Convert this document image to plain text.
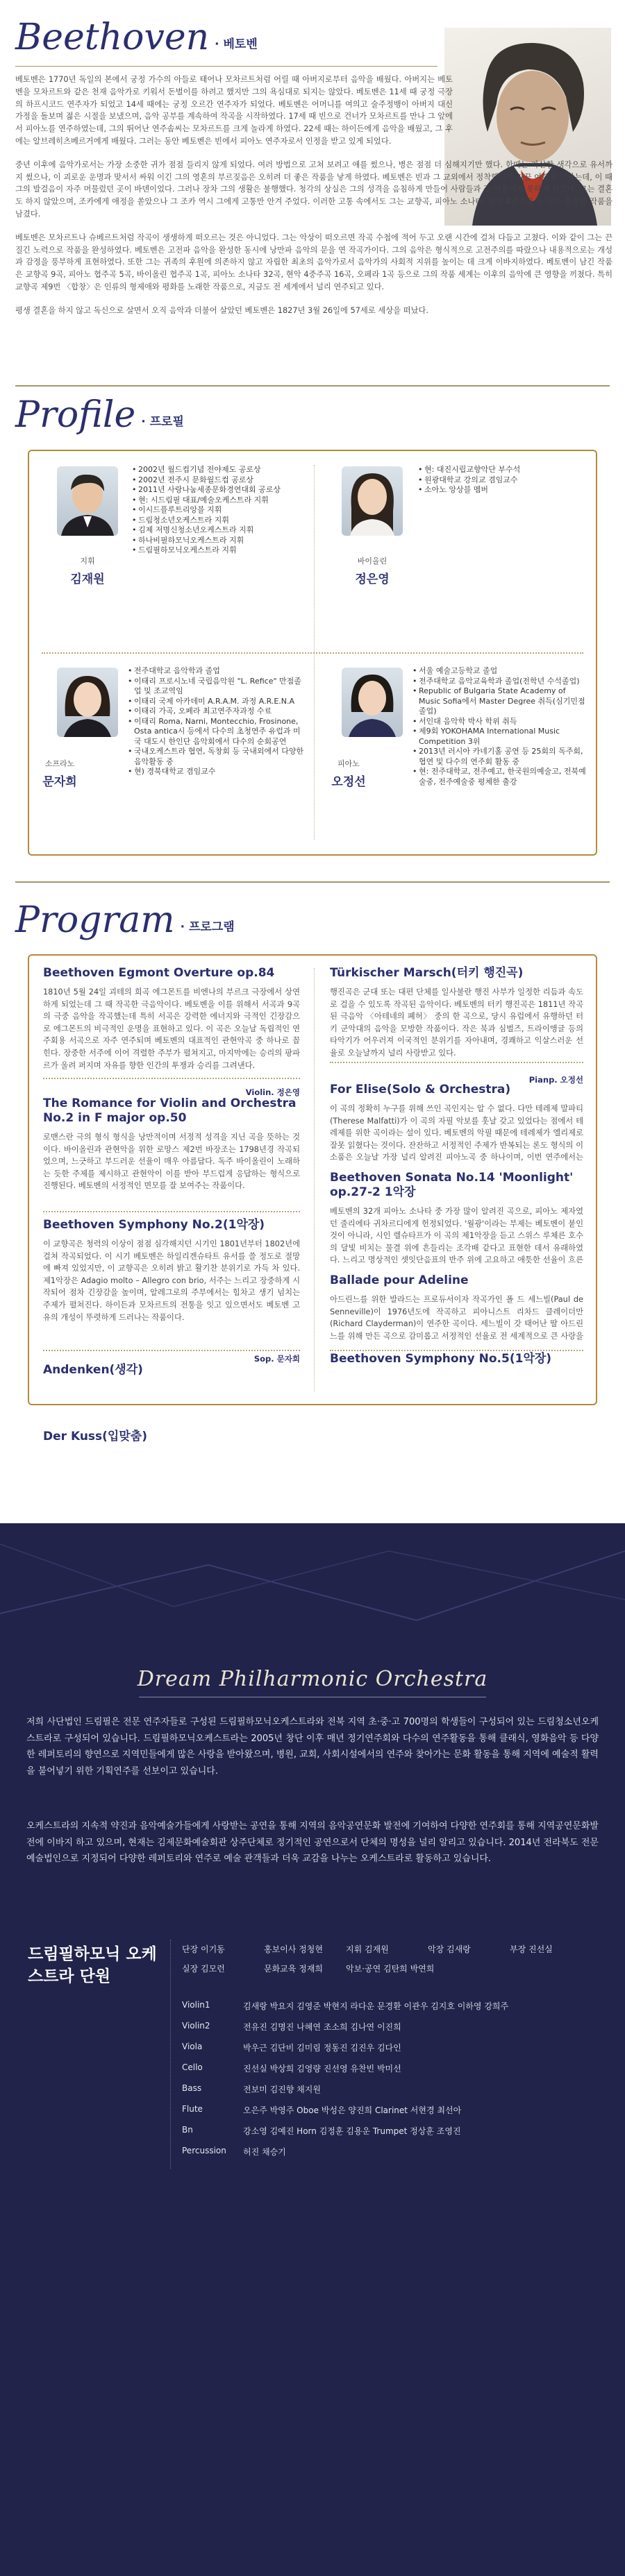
Beethoven · 베토벤

베토벤은 1770년 독일의 본에서 궁정 가수의 아들로 태어나 모차르트처럼 어릴 때 아버지로부터 음악을 배웠다. 아버지는 베토벤을 모차르트와 같은 천재 음악가로 키워서 돈벌이를 하려고 했지만 그의 욕심대로 되지는 않았다. 베토벤은 11세 때 궁정 극장의 하프시코드 연주자가 되었고 14세 때에는 궁정 오르간 연주자가 되었다. 베토벤은 어머니를 여의고 술주정뱅이 아버지 대신 가정을 돌보며 젊은 시절을 보냈으며, 음악 공부를 계속하여 작곡을 시작하였다. 17세 때 빈으로 건너가 모차르트를 만나 그 앞에서 피아노를 연주하였는데, 그의 뛰어난 연주솜씨는 모차르트를 크게 놀라게 하였다. 22세 때는 하이든에게 음악을 배웠고, 그 후에는 알브레히츠베르거에게 배웠다. 그러는 동안 베토벤은 빈에서 피아노 연주자로서 인정을 받고 있게 되었다.

중년 이후에 음악가로서는 가장 소중한 귀가 점점 들리지 않게 되었다. 여러 방법으로 고쳐 보려고 애를 썼으나, 병은 점점 더 심해지기만 했다. 한때는 자살할 생각으로 유서까지 썼으나, 이 괴로운 운명과 맞서서 싸워 이긴 그의 영혼의 부르짖음은 오히려 더 좋은 작품을 낳게 하였다. 베토벤은 빈과 그 교외에서 정착했다가 가끔 여행을 떠났는데, 이 때 그의 발걸음이 자주 머물렀던 곳이 바덴이었다. 그러나 장차 그의 생활은 불행했다. 청각의 상실은 그의 성격을 음침하게 만들어 사람들과 잘 어울리지 못하게 하였다. 그는 결혼도 하지 않았으며, 조카에게 애정을 쏟았으나 그 조카 역시 그에게 고통만 안겨 주었다. 이러한 고통 속에서도 그는 교향곡, 피아노 소나타, 현악 4중주곡 등 많은 훌륭한 작품을 남겼다.

베토벤은 모차르트나 슈베르트처럼 작곡이 생생하게 떠오르는 것은 아니었다. 그는 악상이 떠오르면 작곡 수첩에 적어 두고 오랜 시간에 걸쳐 다듬고 고쳤다. 이와 같이 그는 끈질긴 노력으로 작품을 완성하였다. 베토벤은 고전파 음악을 완성한 동시에 낭만파 음악의 문을 연 작곡가이다. 그의 음악은 형식적으로 고전주의를 따랐으나 내용적으로는 개성과 감정을 풍부하게 표현하였다. 또한 그는 귀족의 후원에 의존하지 않고 자립한 최초의 음악가로서 음악가의 사회적 지위를 높이는 데 크게 이바지하였다. 베토벤이 남긴 작품은 교향곡 9곡, 피아노 협주곡 5곡, 바이올린 협주곡 1곡, 피아노 소나타 32곡, 현악 4중주곡 16곡, 오페라 1곡 등으로 그의 작품 세계는 이후의 음악에 큰 영향을 끼쳤다. 특히 교향곡 제9번 〈합창〉은 인류의 형제애와 평화를 노래한 작품으로, 지금도 전 세계에서 널리 연주되고 있다.

평생 결혼을 하지 않고 독신으로 살면서 오직 음악과 더불어 살았던 베토벤은 1827년 3월 26일에 57세로 세상을 떠났다.

Profile · 프로필
지휘
김재원
• 2002년 월드컵기념 전야제도 공로상
• 2002년 전주시 문화월드컵 공로상
• 2011년 사랑나눔세종문화경연대회 공로상
• 현: 시드림필 대표/예술오케스트라 지휘
• 이시드플루트리앙블 지휘
• 드림청소년오케스트라 지휘
• 김제 저명신청소년오케스트라 지휘
• 하나비필하모닉오케스트라 지휘
• 드림필하모닉오케스트라 지휘
바이올린
정은영
• 현: 대진시립교향악단 부수석
• 원광대학교 강의교 겸임교수
• 소아노 앙상블 멤버
소프라노
문자희
• 전주대학교 음악학과 졸업
• 이태리 프로시노네 국립음악원 "L. Refice" 만점졸업 및 조교역임
• 이태리 국제 아카데미 A.R.A.M. 과정 A.R.E.N.A
• 이태리 가곡, 오페라 최고연주자과정 수료
• 이태리 Roma, Narni, Montecchio, Frosinone, Osta antica시 등에서 다수의 초청연주 유럽과 미국 대도시 한인단 음악회에서 다수의 순회공연
• 국내오케스트라 협연, 독창회 등 국내외에서 다양한 음악활동 중
• 현) 경북대학교 겸임교수
피아노
오정선
• 서울 예술고등학교 졸업
• 전주대학교 음악교육학과 졸업(전학년 수석졸업)
• Republic of Bulgaria State Academy of Music Sofia에서 Master Degree 취득(심기민점 졸업)
• 서인대 음악학 박사 학위 취득
• 제9회 YOKOHAMA International Music Competition 3위
• 2013년 러시아 카네기홀 공연 등 25회의 독주회, 협연 및 다수의 연주회 활동 중
• 현: 전주대학교, 전주예고, 한국원의예술고, 전북예술중, 전주예술중 평체한 출강
Program · 프로그램
Beethoven Egmont Overture op.84

1810년 5월 24일 괴테의 희곡 에그몬트를 비엔나의 부르크 극장에서 상연하게 되었는데 그 때 작곡한 극음악이다. 베토벤을 이를 위해서 서곡과 9곡의 극중 음악을 작곡했는데 특히 서곡은 강력한 에너지와 극적인 긴장감으로 에그몬트의 비극적인 운명을 표현하고 있다. 이 곡은 오늘날 독립적인 연주회용 서곡으로 자주 연주되며 베토벤의 대표적인 관현악곡 중 하나로 꼽힌다. 장중한 서주에 이어 격렬한 주부가 펼쳐지고, 마지막에는 승리의 팡파르가 울려 퍼지며 자유를 향한 인간의 투쟁과 승리를 그려낸다.

Violin. 정은영
The Romance for Violin and Orchestra No.2 in F major op.50

로맨스란 극의 형식 형식을 낭만적이며 서정적 성격을 지닌 곡을 뜻하는 것이다. 바이올린과 관현악을 위한 로망스 제2번 바장조는 1798년경 작곡되었으며, 느긋하고 부드러운 선율이 매우 아름답다. 독주 바이올린이 노래하는 듯한 주제를 제시하고 관현악이 이를 받아 부드럽게 응답하는 형식으로 진행된다. 베토벤의 서정적인 면모를 잘 보여주는 작품이다.

Beethoven Symphony No.2(1악장)

이 교향곡은 청력의 이상이 점점 심각해지던 시기인 1801년부터 1802년에 걸쳐 작곡되었다. 이 시기 베토벤은 하일리겐슈타트 유서를 쓸 정도로 절망에 빠져 있었지만, 이 교향곡은 오히려 밝고 활기찬 분위기로 가득 차 있다. 제1악장은 Adagio molto – Allegro con brio, 서주는 느리고 장중하게 시작되어 점차 긴장감을 높이며, 알레그로의 주부에서는 힘차고 생기 넘치는 주제가 펼쳐진다. 하이든과 모차르트의 전통을 잇고 있으면서도 베토벤 고유의 개성이 뚜렷하게 드러나는 작품이다.

Sop. 문자희
Andenken(생각)
Türkischer Marsch(터키 행진곡)

행진곡은 군대 또는 대편 단체를 일사불란 행진 사부가 일정한 리듬과 속도로 걸을 수 있도록 작곡된 음악이다. 베토벤의 터키 행진곡은 1811년 작곡된 극음악 〈아테네의 폐허〉 중의 한 곡으로, 당시 유럽에서 유행하던 터키 군악대의 음악을 모방한 작품이다. 작은 북과 심벌즈, 트라이앵글 등의 타악기가 어우러져 이국적인 분위기를 자아내며, 경쾌하고 익살스러운 선율로 오늘날까지 널리 사랑받고 있다.

Pianp. 오정선
For Elise(Solo & Orchestra)

이 곡의 정확히 누구를 위해 쓰인 곡인지는 알 수 없다. 다만 테레제 말파티(Therese Malfatti)가 이 곡의 자필 악보를 훗날 갖고 있었다는 점에서 테레제를 위한 곡이라는 설이 있다. 베토벤의 악필 때문에 테레제가 엘리제로 잘못 읽혔다는 것이다. 잔잔하고 서정적인 주제가 반복되는 론도 형식의 이 소품은 오늘날 가장 널리 알려진 피아노곡 중 하나이며, 이번 연주에서는

Beethoven Sonata No.14 'Moonlight' op.27-2 1악장

베토벤의 32개 피아노 소나타 중 가장 많이 알려진 곡으로, 피아노 제자였던 줄리에타 귀차르디에게 헌정되었다. '월광'이라는 부제는 베토벤이 붙인 것이 아니라, 시인 렐슈타프가 이 곡의 제1악장을 듣고 스위스 루체른 호수의 달빛 비치는 물결 위에 흔들리는 조각배 같다고 표현한 데서 유래하였다. 느리고 명상적인 셋잇단음표의 반주 위에 고요하고 애틋한 선율이 흐른

Ballade pour Adeline

아드린느를 위한 발라드는 프로듀서이자 작곡가인 폴 드 세느빌(Paul de Senneville)이 1976년도에 작곡하고 피아니스트 리차드 클레이더만(Richard Clayderman)이 연주한 곡이다. 세느빌이 갓 태어난 딸 아드린느를 위해 만든 곡으로 감미롭고 서정적인 선율로 전 세계적으로 큰 사랑을

Beethoven Symphony No.5(1악장)
Der Kuss(입맞춤)
Dream Philharmonic Orchestra

저희 사단법인 드림필은 전문 연주자들로 구성된 드림필하모닉오케스트라와 전북 지역 초·중·고 700명의 학생들이 구성되어 있는 드림청소년오케스트라로 구성되어 있습니다. 드림필하모닉오케스트라는 2005년 창단 이후 매년 정기연주회와 다수의 연주활동을 통해 클래식, 영화음악 등 다양한 레퍼토리의 향연으로 지역민들에게 많은 사랑을 받아왔으며, 병원, 교회, 사회시설에서의 연주와 찾아가는 문화 활동을 통해 지역에 예술적 활력을 불어넣기 위한 기획연주를 선보이고 있습니다.

오케스트라의 지속적 약진과 음악예술가들에게 사랑받는 공연을 통해 지역의 음악공연문화 발전에 기여하여 다양한 연주회를 통해 지역공연문화발전에 이바지 하고 있으며, 현재는 김제문화예술회관 상주단체로 정기적인 공연으로서 단체의 명성을 널리 알리고 있습니다. 2014년 전라북도 전문예술법인으로 지정되어 다양한 레퍼토리와 연주로 예술 관객들과 더욱 교감을 나누는 오케스트라로 활동하고 있습니다.

드림필하모닉 오케스트라 단원
단장 이기동	홍보이사 정청현	지휘 김재원	악장 김새랑	부장 진선실
실장 김모런	문화교육 정재희	악보·공연 김탄희 박연희
Violin1	김새랑 박요지 김영준 박현지 라다운 문경환 이관우 김지호 이하영 강희주
Violin2	전유진 김명진 나혜연 조소희 김나연 이진희
Viola	박우근 김단비 김미림 정동진 김진우 김다인
Cello	진선실 박상희 김영량 진선영 유찬빈 박미선
Bass	전보미 김진향 채지원
Flute	오은주 박영주 Oboe 박성은 양진희 Clarinet 서현경 최선아
Bn	강소영 김예진 Horn 김정훈 김용운 Trumpet 정상훈 조영진
Percussion 허진 채승기
